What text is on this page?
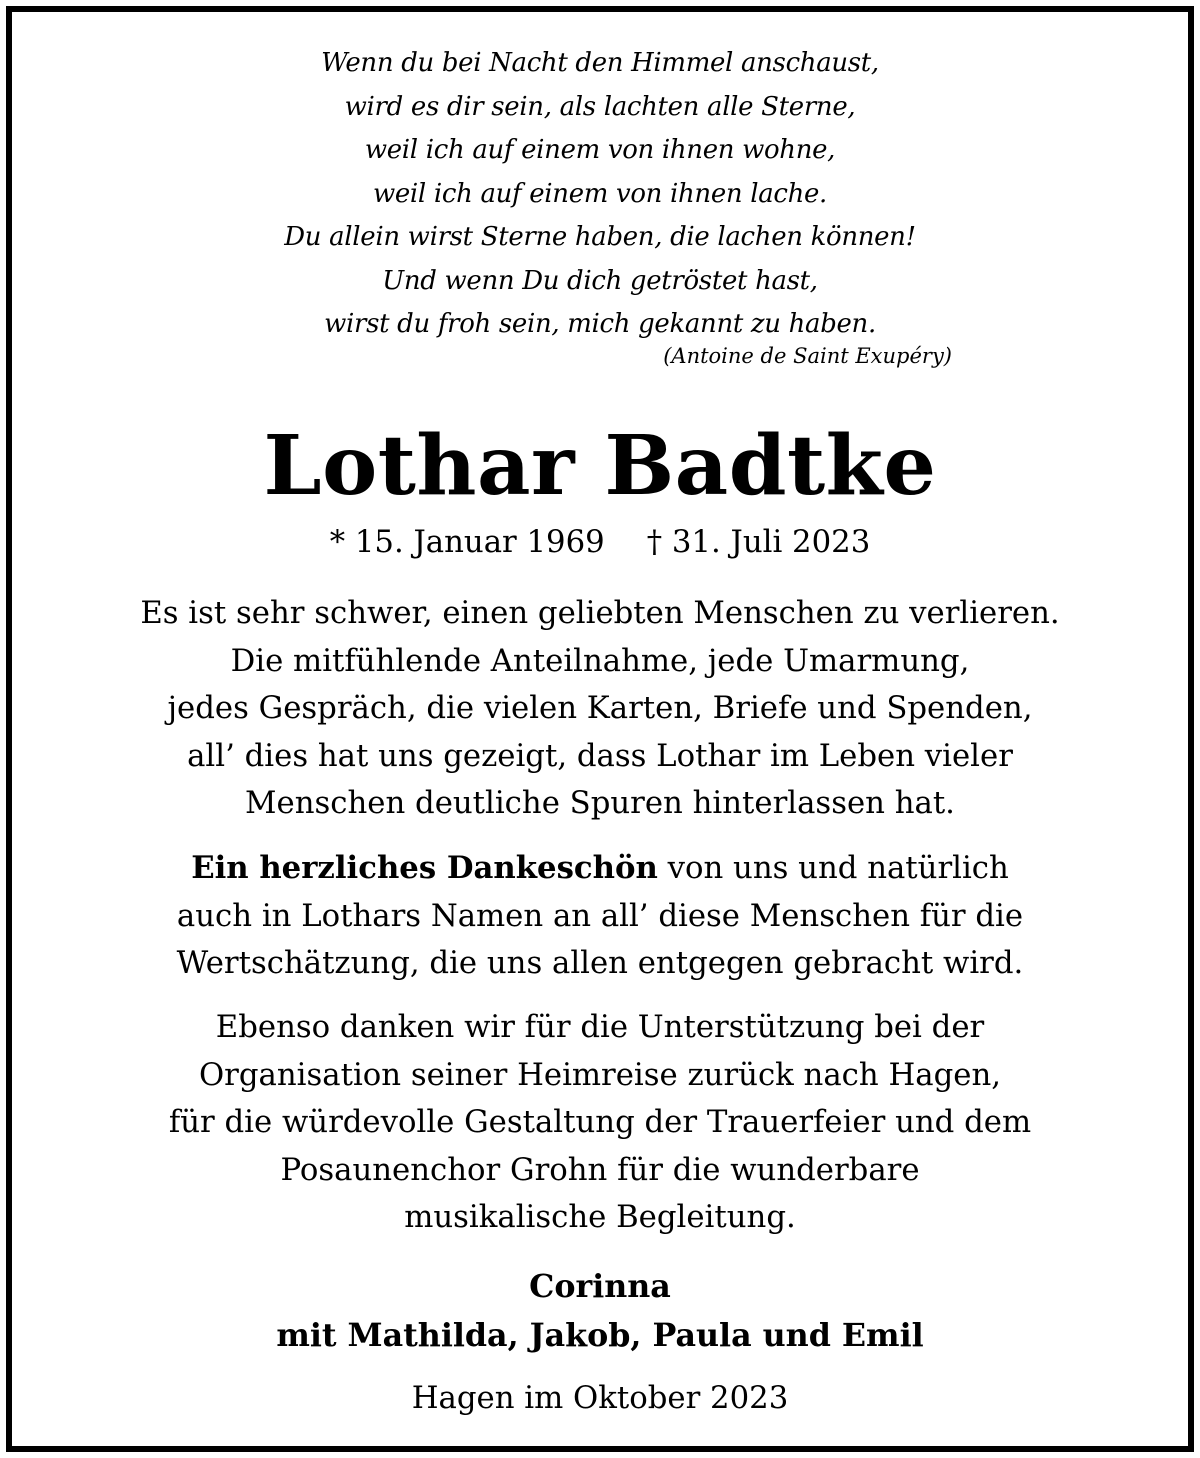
Wenn du bei Nacht den Himmel anschaust,
wird es dir sein, als lachten alle Sterne,
weil ich auf einem von ihnen wohne,
weil ich auf einem von ihnen lache.
Du allein wirst Sterne haben, die lachen können!
Und wenn Du dich getröstet hast,
wirst du froh sein, mich gekannt zu haben.
(Antoine de Saint Exupéry)
Lothar Badtke
* 15. Januar 1969 † 31. Juli 2023
Es ist sehr schwer, einen geliebten Menschen zu verlieren.
Die mitfühlende Anteilnahme, jede Umarmung,
jedes Gespräch, die vielen Karten, Briefe und Spenden,
all’ dies hat uns gezeigt, dass Lothar im Leben vieler
Menschen deutliche Spuren hinterlassen hat.
Ein herzliches Dankeschön von uns und natürlich
auch in Lothars Namen an all’ diese Menschen für die
Wertschätzung, die uns allen entgegen gebracht wird.
Ebenso danken wir für die Unterstützung bei der
Organisation seiner Heimreise zurück nach Hagen,
für die würdevolle Gestaltung der Trauerfeier und dem
Posaunenchor Grohn für die wunderbare
musikalische Begleitung.
Corinna
mit Mathilda, Jakob, Paula und Emil
Hagen im Oktober 2023
